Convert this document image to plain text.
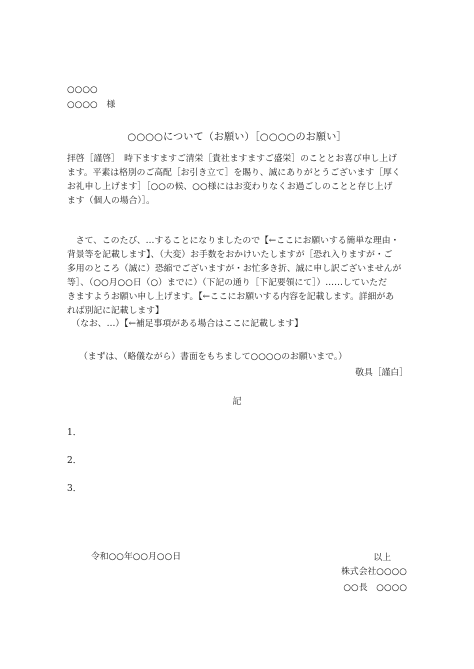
○○○○
○○○○　様
○○○○について（お願い）［○○○○のお願い］
拝啓［謹啓］　時下ますますご清栄［貴社ますますご盛栄］のこととお喜び申し上げ
ます。平素は格別のご高配［お引き立て］を賜り、誠にありがとうございます［厚く
お礼申し上げます］［○○の候、○○様にはお変わりなくお過ごしのことと存じ上げ
ます（個人の場合）］。
　さて、このたび、…することになりましたので【←ここにお願いする簡単な理由・
背景等を記載します】、（大変）お手数をおかけいたしますが［恐れ入りますが・ご
多用のところ（誠に）恐縮でございますが・お忙多き折、誠に申し訳ございませんが
等］、（○○月○○日（○）までに）（下記の通り［下記要領にて］）……していただ
きますようお願い申し上げます。【←ここにお願いする内容を記載します。詳細があ
れば別記に記載します】
　（なお、…）【←補足事項がある場合はここに記載します】
（まずは、（略儀ながら）書面をもちまして○○○○のお願いまで。）
敬具［謹白］
記
1．
2．
3．
以上
令和○○年○○月○○日
株式会社○○○○
○○長　○○○○
